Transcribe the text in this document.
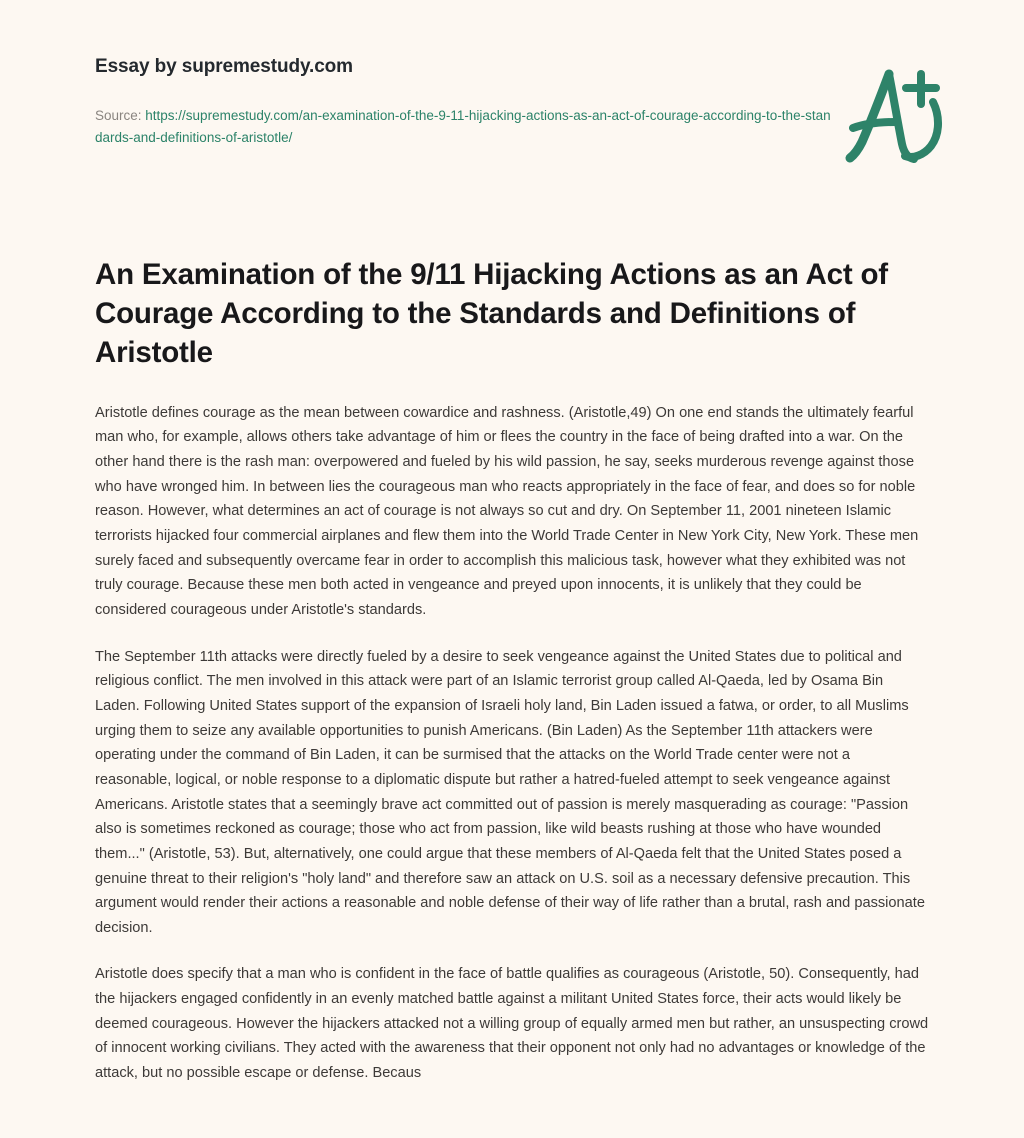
Essay by supremestudy.com
Source: https://supremestudy.com/an-examination-of-the-9-11-hijacking-actions-as-an-act-of-courage-according-to-the-standards-and-definitions-of-aristotle/
An Examination of the 9/11 Hijacking Actions as an Act of Courage According to the Standards and Definitions of Aristotle

Aristotle defines courage as the mean between cowardice and rashness. (Aristotle,49) On one end stands the ultimately fearful man who, for example, allows others take advantage of him or flees the country in the face of being drafted into a war. On the other hand there is the rash man: overpowered and fueled by his wild passion, he say, seeks murderous revenge against those who have wronged him. In between lies the courageous man who reacts appropriately in the face of fear, and does so for noble reason. However, what determines an act of courage is not always so cut and dry. On September 11, 2001 nineteen Islamic terrorists hijacked four commercial airplanes and flew them into the World Trade Center in New York City, New York. These men surely faced and subsequently overcame fear in order to accomplish this malicious task, however what they exhibited was not truly courage. Because these men both acted in vengeance and preyed upon innocents, it is unlikely that they could be considered courageous under Aristotle's standards.

The September 11th attacks were directly fueled by a desire to seek vengeance against the United States due to political and religious conflict. The men involved in this attack were part of an Islamic terrorist group called Al-Qaeda, led by Osama Bin Laden. Following United States support of the expansion of Israeli holy land, Bin Laden issued a fatwa, or order, to all Muslims urging them to seize any available opportunities to punish Americans. (Bin Laden) As the September 11th attackers were operating under the command of Bin Laden, it can be surmised that the attacks on the World Trade center were not a reasonable, logical, or noble response to a diplomatic dispute but rather a hatred-fueled attempt to seek vengeance against Americans. Aristotle states that a seemingly brave act committed out of passion is merely masquerading as courage: "Passion also is sometimes reckoned as courage; those who act from passion, like wild beasts rushing at those who have wounded them..." (Aristotle, 53). But, alternatively, one could argue that these members of Al-Qaeda felt that the United States posed a genuine threat to their religion's "holy land" and therefore saw an attack on U.S. soil as a necessary defensive precaution. This argument would render their actions a reasonable and noble defense of their way of life rather than a brutal, rash and passionate decision.

Aristotle does specify that a man who is confident in the face of battle qualifies as courageous (Aristotle, 50). Consequently, had the hijackers engaged confidently in an evenly matched battle against a militant United States force, their acts would likely be deemed courageous. However the hijackers attacked not a willing group of equally armed men but rather, an unsuspecting crowd of innocent working civilians. They acted with the awareness that their opponent not only had no advantages or knowledge of the attack, but no possible escape or defense. Becaus
